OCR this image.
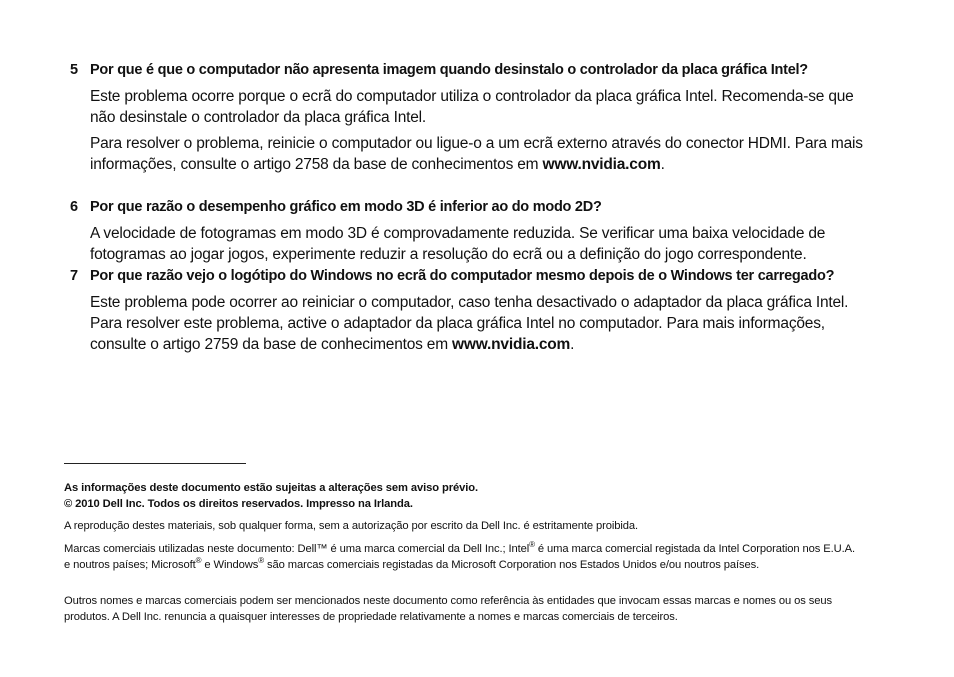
5 Por que é que o computador não apresenta imagem quando desinstalo o controlador da placa gráfica Intel?
Este problema ocorre porque o ecrã do computador utiliza o controlador da placa gráfica Intel. Recomenda-se que não desinstale o controlador da placa gráfica Intel.
Para resolver o problema, reinicie o computador ou ligue-o a um ecrã externo através do conector HDMI. Para mais informações, consulte o artigo 2758 da base de conhecimentos em www.nvidia.com.
6 Por que razão o desempenho gráfico em modo 3D é inferior ao do modo 2D?
A velocidade de fotogramas em modo 3D é comprovadamente reduzida. Se verificar uma baixa velocidade de fotogramas ao jogar jogos, experimente reduzir a resolução do ecrã ou a definição do jogo correspondente.
7 Por que razão vejo o logótipo do Windows no ecrã do computador mesmo depois de o Windows ter carregado?
Este problema pode ocorrer ao reiniciar o computador, caso tenha desactivado o adaptador da placa gráfica Intel. Para resolver este problema, active o adaptador da placa gráfica Intel no computador. Para mais informações, consulte o artigo 2759 da base de conhecimentos em www.nvidia.com.
As informações deste documento estão sujeitas a alterações sem aviso prévio.
© 2010 Dell Inc. Todos os direitos reservados. Impresso na Irlanda.
A reprodução destes materiais, sob qualquer forma, sem a autorização por escrito da Dell Inc. é estritamente proibida.
Marcas comerciais utilizadas neste documento: Dell™ é uma marca comercial da Dell Inc.; Intel® é uma marca comercial registada da Intel Corporation nos E.U.A. e noutros países; Microsoft® e Windows® são marcas comerciais registadas da Microsoft Corporation nos Estados Unidos e/ou noutros países.
Outros nomes e marcas comerciais podem ser mencionados neste documento como referência às entidades que invocam essas marcas e nomes ou os seus produtos. A Dell Inc. renuncia a quaisquer interesses de propriedade relativamente a nomes e marcas comerciais de terceiros.
